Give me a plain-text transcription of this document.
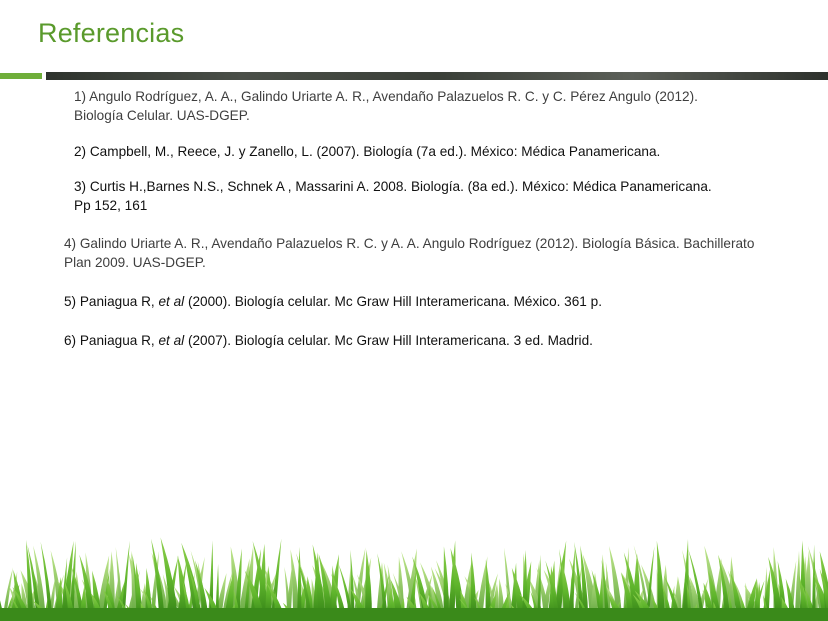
Referencias
1) Angulo Rodríguez, A. A., Galindo Uriarte A. R., Avendaño Palazuelos R. C. y C. Pérez Angulo (2012). Biología Celular. UAS-DGEP.
2) Campbell, M., Reece, J. y Zanello, L. (2007). Biología (7a ed.). México: Médica Panamericana.
3) Curtis H.,Barnes N.S., Schnek A , Massarini A. 2008. Biología. (8a ed.). México: Médica Panamericana. Pp 152, 161
4) Galindo Uriarte A. R., Avendaño Palazuelos R. C. y A. A. Angulo Rodríguez (2012). Biología Básica. Bachillerato Plan 2009. UAS-DGEP.
5) Paniagua R, et al (2000). Biología celular. Mc Graw Hill Interamericana. México. 361 p.
6) Paniagua R, et al (2007). Biología celular. Mc Graw Hill Interamericana. 3 ed. Madrid.
